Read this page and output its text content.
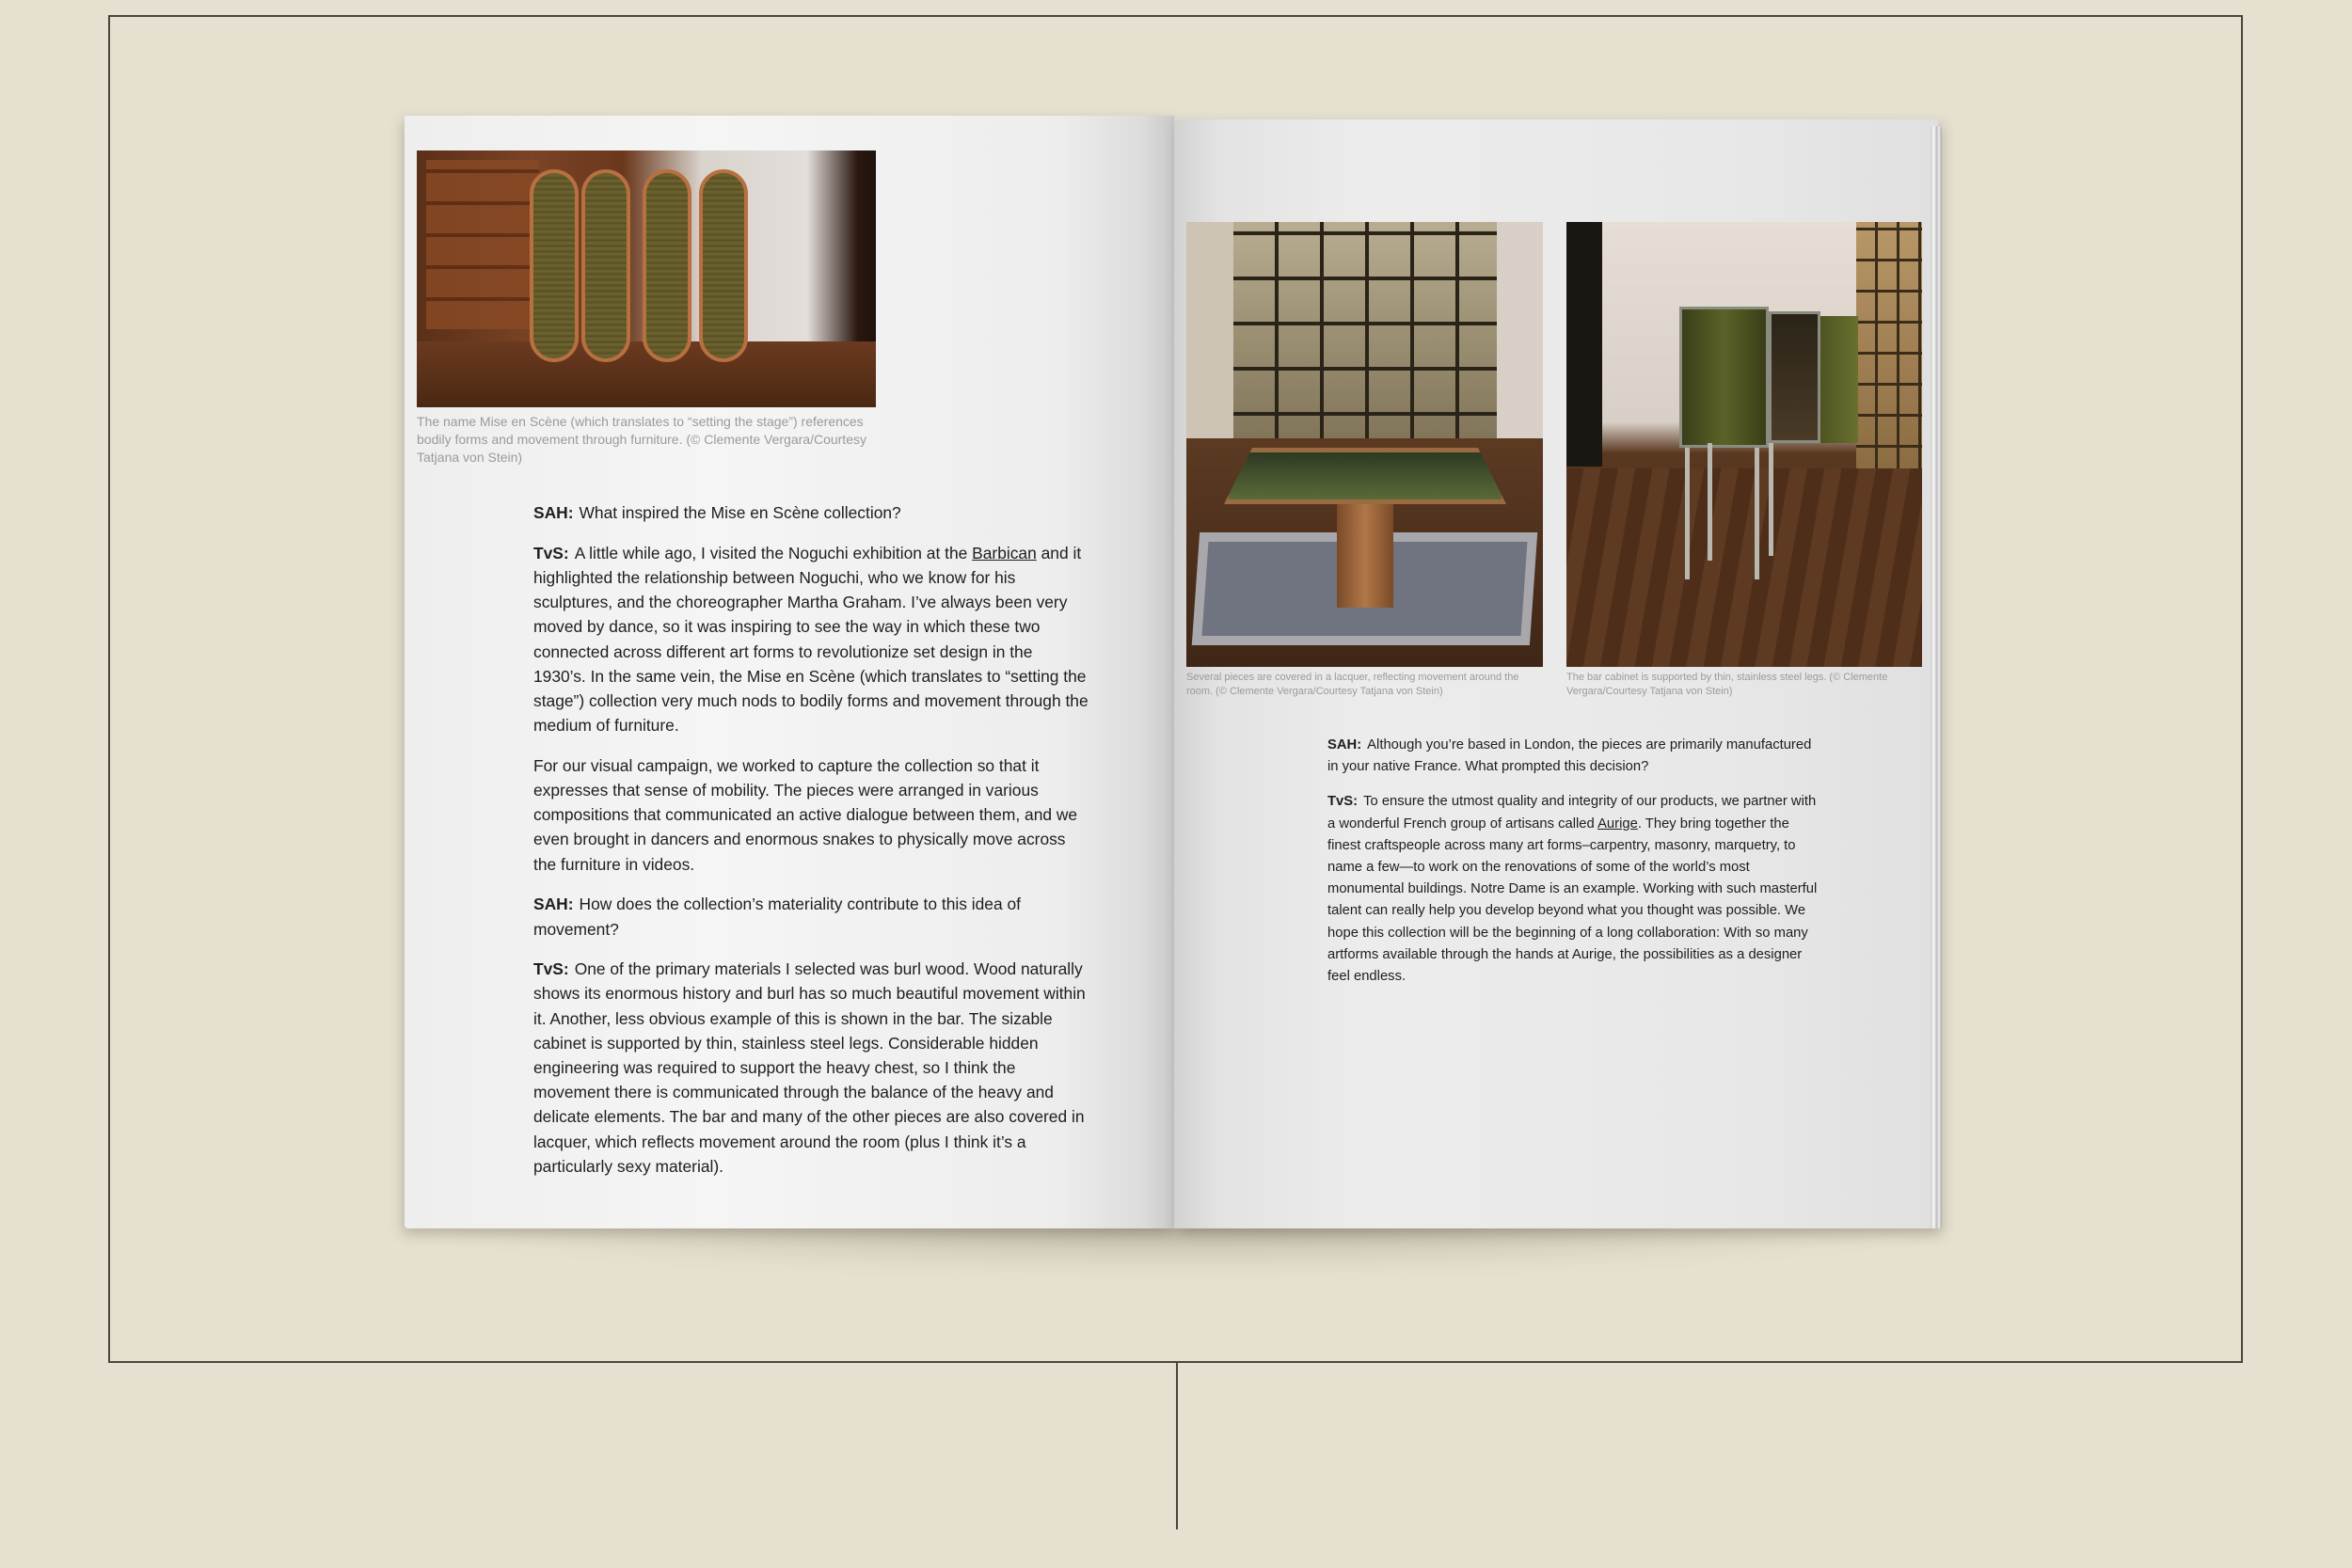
The name Mise en Scène (which translates to “setting the stage”) references bodily forms and movement through furniture. (© Clemente Vergara/Courtesy Tatjana von Stein)

SAH: What inspired the Mise en Scène collection?

TvS: A little while ago, I visited the Noguchi exhibition at the Barbican and it highlighted the relationship between Noguchi, who we know for his sculptures, and the choreographer Martha Graham. I’ve always been very moved by dance, so it was inspiring to see the way in which these two connected across different art forms to revolutionize set design in the 1930’s. In the same vein, the Mise en Scène (which translates to “setting the stage”) collection very much nods to bodily forms and movement through the medium of furniture.

For our visual campaign, we worked to capture the collection so that it expresses that sense of mobility. The pieces were arranged in various compositions that communicated an active dialogue between them, and we even brought in dancers and enormous snakes to physically move across the furniture in videos.

SAH: How does the collection’s materiality contribute to this idea of movement?

TvS: One of the primary materials I selected was burl wood. Wood naturally shows its enormous history and burl has so much beautiful movement within it. Another, less obvious example of this is shown in the bar. The sizable cabinet is supported by thin, stainless steel legs. Considerable hidden engineering was required to support the heavy chest, so I think the movement there is communicated through the balance of the heavy and delicate elements. The bar and many of the other pieces are also covered in lacquer, which reflects movement around the room (plus I think it’s a particularly sexy material).

Several pieces are covered in a lacquer, reflecting movement around the room. (© Clemente Vergara/Courtesy Tatjana von Stein)

The bar cabinet is supported by thin, stainless steel legs. (© Clemente Vergara/Courtesy Tatjana von Stein)

SAH: Although you’re based in London, the pieces are primarily manufactured in your native France. What prompted this decision?

TvS: To ensure the utmost quality and integrity of our products, we partner with a wonderful French group of artisans called Aurige. They bring together the finest craftspeople across many art forms–carpentry, masonry, marquetry, to name a few—to work on the renovations of some of the world’s most monumental buildings. Notre Dame is an example. Working with such masterful talent can really help you develop beyond what you thought was possible. We hope this collection will be the beginning of a long collaboration: With so many artforms available through the hands at Aurige, the possibilities as a designer feel endless.
